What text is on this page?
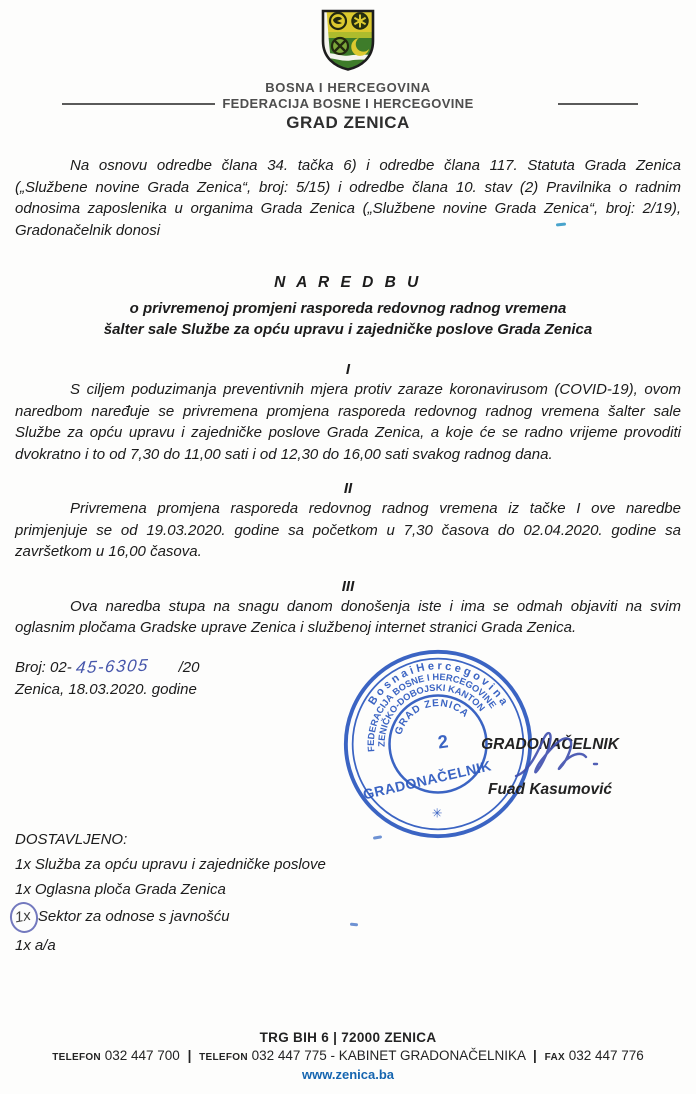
BOSNA I HERCEGOVINA
FEDERACIJA BOSNE I HERCEGOVINE
GRAD ZENICA

Na osnovu odredbe člana 34. tačka 6) i odredbe člana 117. Statuta Grada Zenica („Službene novine Grada Zenica“, broj: 5/15) i odredbe člana 10. stav (2) Pravilnika o radnim odnosima zaposlenika u organima Grada Zenica („Službene novine Grada Zenica“, broj: 2/19), Gradonačelnik donosi

N A R E D B U
o privremenoj promjeni rasporeda redovnog radnog vremena
šalter sale Službe za opću upravu i zajedničke poslove Grada Zenica
I

S ciljem poduzimanja preventivnih mjera protiv zaraze koronavirusom (COVID-19), ovom naredbom naređuje se privremena promjena rasporeda redovnog radnog vremena šalter sale Službe za opću upravu i zajedničke poslove Grada Zenica, a koje će se radno vrijeme provoditi dvokratno i to od 7,30 do 11,00 sati i od 12,30 do 16,00 sati svakog radnog dana.

II

Privremena promjena rasporeda redovnog radnog vremena iz tačke I ove naredbe primjenjuje se od 19.03.2020. godine sa početkom u 7,30 časova do 02.04.2020. godine sa završetkom u 16,00 časova.

III

Ova naredba stupa na snagu danom donošenja iste i ima se odmah objaviti na svim oglasnim pločama Gradske uprave Zenica i službenoj internet stranici Grada Zenica.

Broj: 02- 45-6305 /20
Zenica, 18.03.2020. godine
B o s n a i H e r c e g o v i n a
FEDERACIJA BOSNE I HERCEGOVINE
ZENIČKO-DOBOJSKI KANTON
GRAD ZENICA
2
GRADONAČELNIK
✳
GRADONAČELNIK
Fuad Kasumović
DOSTAVLJENO:
1x Služba za opću upravu i zajedničke poslove
1x Oglasna ploča Grada Zenica
1x Sektor za odnose s javnošću
1x a/a
TRG BIH 6 | 72000 ZENICA
TELEFON 032 447 700 | TELEFON 032 447 775 - KABINET GRADONAČELNIKA | FAX 032 447 776
www.zenica.ba
